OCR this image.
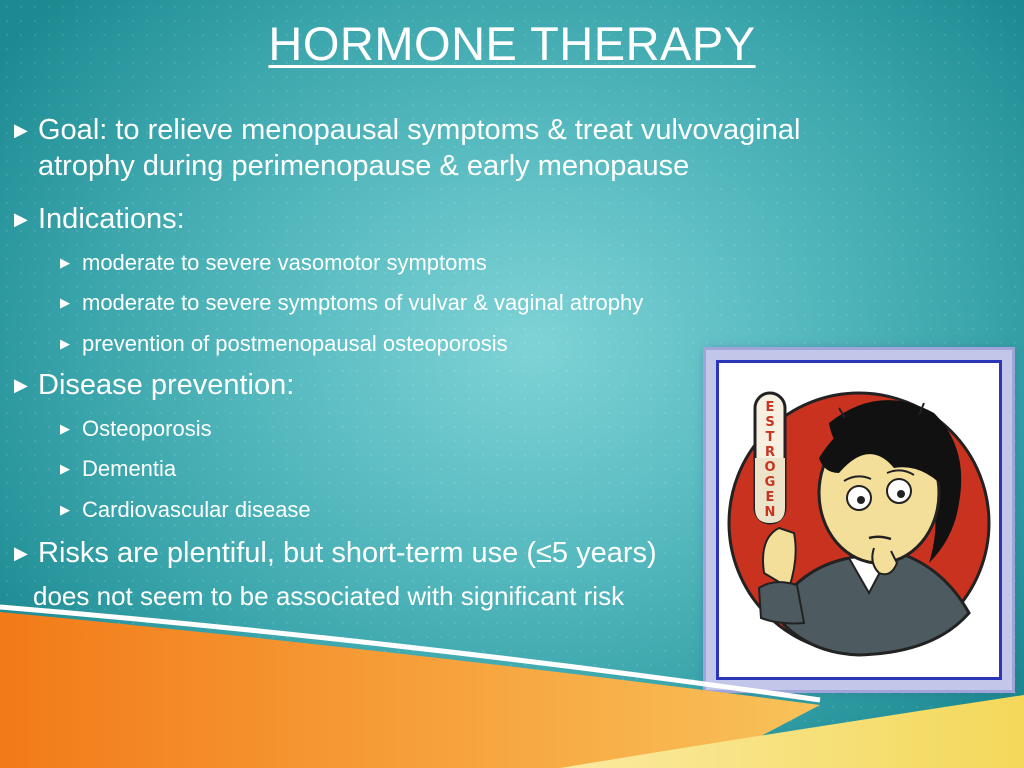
HORMONE THERAPY
▶ Goal: to relieve menopausal symptoms & treat vulvovaginal
atrophy during perimenopause & early menopause
▶ Indications:
▶ moderate to severe vasomotor symptoms
▶ moderate to severe symptoms of vulvar & vaginal atrophy
▶ prevention of postmenopausal osteoporosis
▶ Disease prevention:
▶ Osteoporosis
▶ Dementia
▶ Cardiovascular disease
▶ Risks are plentiful, but short-term use (≤5 years)
does not seem to be associated with significant risk
E
S
T
R
O
G
E
N
